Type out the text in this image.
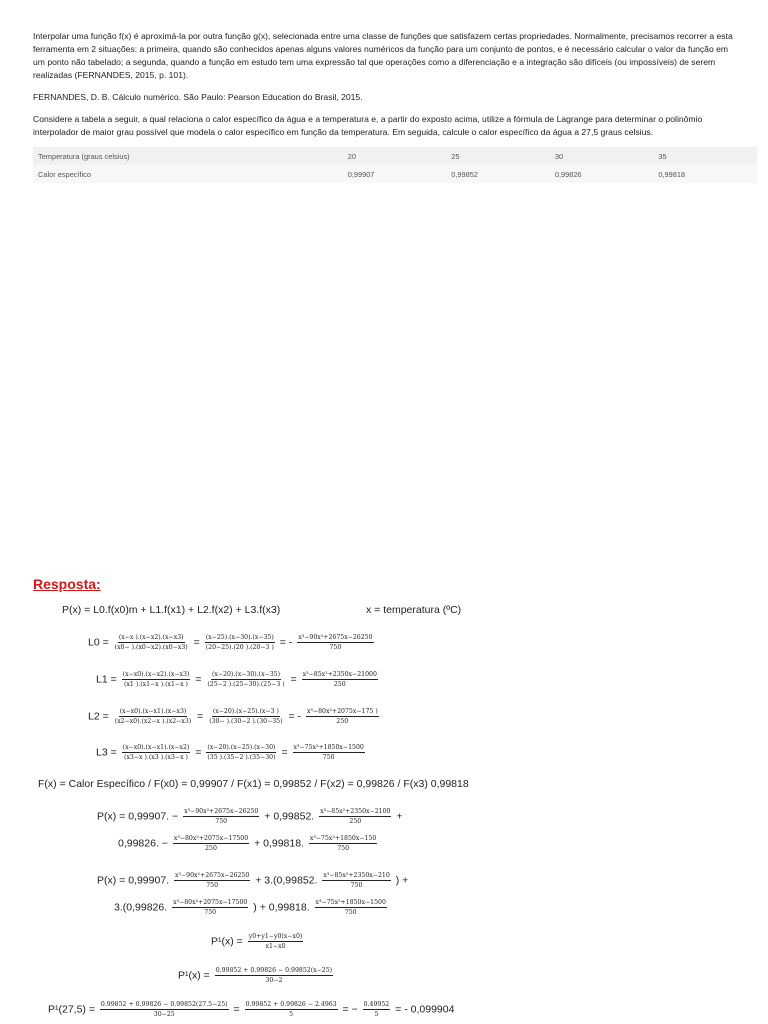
Interpolar uma função f(x) é aproximá-la por outra função g(x), selecionada entre uma classe de funções que satisfazem certas propriedades. Normalmente, precisamos recorrer a esta ferramenta em 2 situações: a primeira, quando são conhecidos apenas alguns valores numéricos da função para um conjunto de pontos, e é necessário calcular o valor da função em um ponto não tabelado; a segunda, quando a função em estudo tem uma expressão tal que operações como a diferenciação e a integração são difíceis (ou impossíveis) de serem realizadas (FERNANDES, 2015, p. 101).

FERNANDES, D. B. Cálculo numérico. São Paulo: Pearson Education do Brasil, 2015.

Considere a tabela a seguir, a qual relaciona o calor específico da água e a temperatura e, a partir do exposto acima, utilize a fórmula de Lagrange para determinar o polinômio interpolador de maior grau possível que modela o calor específico em função da temperatura. Em seguida, calcule o calor específico da água a 27,5 graus celsius.

Temperatura (graus celsius)	20	25	30	35
Calor específico	0,99907	0,99852	0,99826	0,99818
Resposta:
P(x) = L0.f(x0)m + L1.f(x1) + L2.f(x2) + L3.f(x3)	x = temperatura (ºC)
$L0 = \frac{(x-x ).(x-x2).(x-x3)}{(x0- ).(x0-x2).(x0-x3)} = \frac{(x-25).(x-30).(x-35)}{(20-25).(20 ).(20-3 )}$ = - $\frac{\text{x³−90x²+2675x−26250}}{750}$
$L1 = \frac{(x-x0).(x-x2).(x-x3)}{(x1 ).(x1-x ).(x1-x )} = \frac{(x-20).(x-30).(x-35)}{(25-2 ).(25-30).(25-3 )} = \frac{\text{x³−85x²+2350x−21000}}{250}$
$L2 = \frac{(x-x0).(x-x1).(x-x3)}{(x2-x0).(x2-x ).(x2-x3)} = \frac{(x-20).(x-25).(x-3 )}{(30- ).(30-2 ).(30-35)}$ = - $\frac{\text{x³−80x²+2075x−175 )}}{250}$
$L3 = \frac{(x-x0).(x-x1).(x-x2)}{(x3-x ).(x3 ).(x3-x )} = \frac{(x-20).(x-25).(x-30)}{(35 ).(35-2 ).(35-30)} = \frac{\text{x³−75x²+1850x−1500}}{750}$
F(x) = Calor Específico / F(x0) = 0,99907 / F(x1) = 0,99852 / F(x2) = 0,99826 / F(x3) 0,99818
P(x) = 0,99907. − $\frac{\text{x³−90x²+2675x−26250}}{750} + 0,99852$. $\frac{\text{x³−85x²+2350x−2100}}{250}$ +
0,99826. − $\frac{\text{x³−80x²+2075x−17500}}{250} + 0,99818$. $\frac{\text{x³−75x²+1850x−150}}{750}$
P(x) = 0,99907. $\frac{\text{x³−90x²+2675x−26250}}{750} + 3.(0,99852$. $\frac{\text{x³−85x²+2350x−210}}{750}$ ) +
3.(0,99826. $\frac{\text{x³−80x²+2075x−17500}}{750}$ ) + 0,99818. $\frac{\text{x³−75x²+1850x−1500}}{750}$
$P^1(x) = \frac{y0+y1-y0(x-x0)}{x1-x0}$
$P^1(x) = \frac{0.99852 + 0.99826 - 0.99852(x-25)}{30-2}$
$P^1(27,5) = \frac{0.99852 + 0.99826 - 0.99852(27.5-25)}{30-25} = \frac{0.99852 + 0.99826 - 2.4963}{5}$ = − $\frac{0.49952}{5}$ = - 0,099904
